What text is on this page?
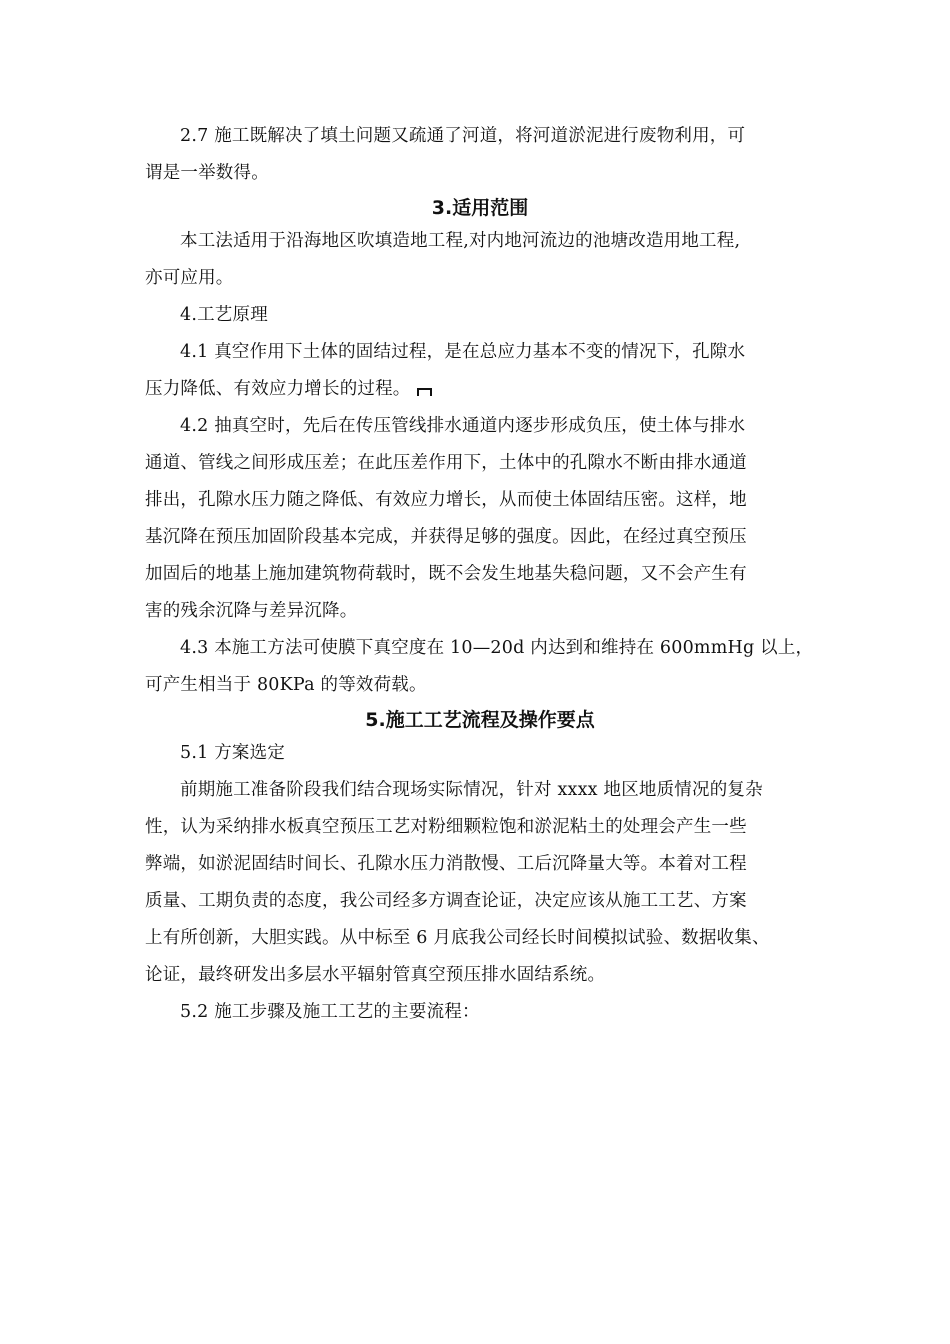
2.7 施工既解决了填土问题又疏通了河道，将河道淤泥进行废物利用，可
谓是一举数得。

3.适用范围

本工法适用于沿海地区吹填造地工程,对内地河流边的池塘改造用地工程,
亦可应用。

4.工艺原理

4.1 真空作用下土体的固结过程，是在总应力基本不变的情况下，孔隙水
压力降低、有效应力增长的过程。

4.2 抽真空时，先后在传压管线排水通道内逐步形成负压，使土体与排水
通道、管线之间形成压差；在此压差作用下，土体中的孔隙水不断由排水通道
排出，孔隙水压力随之降低、有效应力增长，从而使土体固结压密。这样，地
基沉降在预压加固阶段基本完成，并获得足够的强度。因此，在经过真空预压
加固后的地基上施加建筑物荷载时，既不会发生地基失稳问题，又不会产生有
害的残余沉降与差异沉降。

4.3 本施工方法可使膜下真空度在 10—20d 内达到和维持在 600mmHg 以上，
可产生相当于 80KPa 的等效荷载。

5.施工工艺流程及操作要点

5.1 方案选定

前期施工准备阶段我们结合现场实际情况，针对 xxxx 地区地质情况的复杂
性，认为采纳排水板真空预压工艺对粉细颗粒饱和淤泥粘土的处理会产生一些
弊端，如淤泥固结时间长、孔隙水压力消散慢、工后沉降量大等。本着对工程
质量、工期负责的态度，我公司经多方调查论证，决定应该从施工工艺、方案
上有所创新，大胆实践。从中标至 6 月底我公司经长时间模拟试验、数据收集、
论证，最终研发出多层水平辐射管真空预压排水固结系统。

5.2 施工步骤及施工工艺的主要流程：
